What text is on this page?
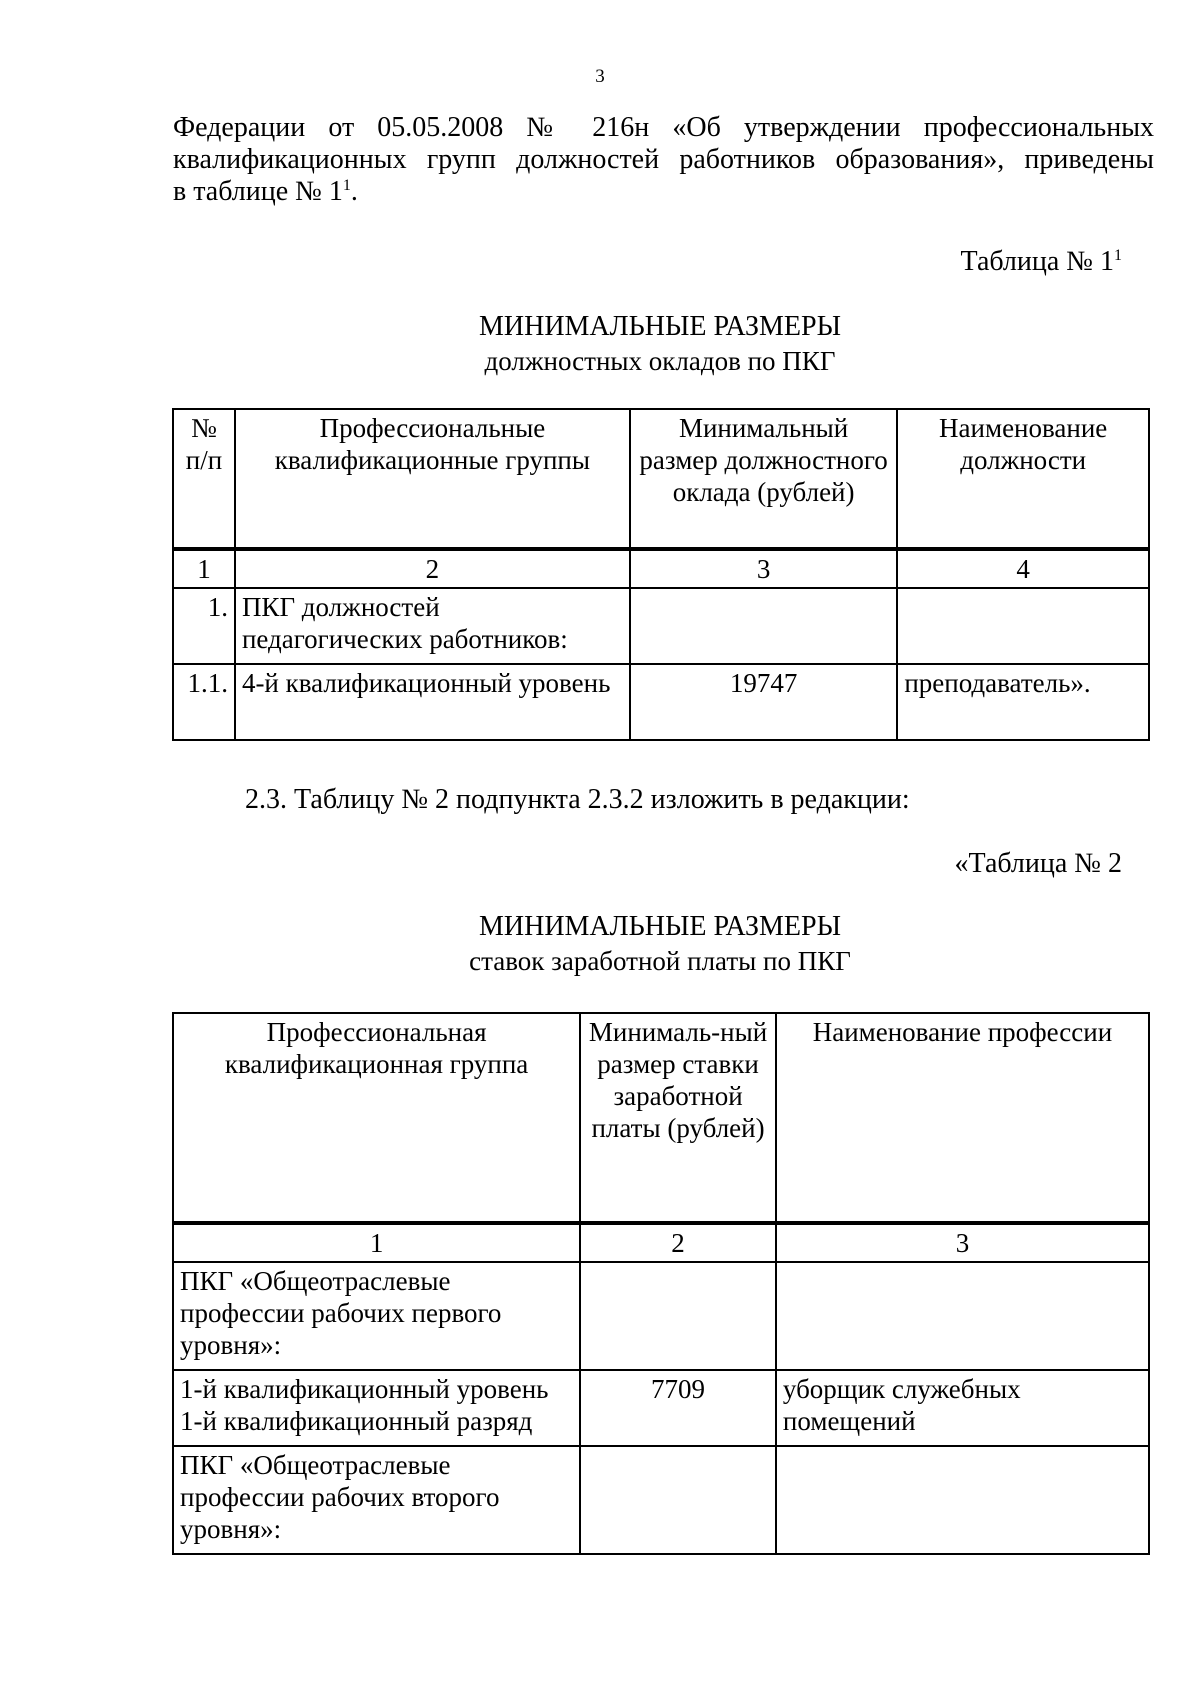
3
Федерации от 05.05.2008 № 216н «Об утверждении профессиональных
квалификационных групп должностей работников образования», приведены
в таблице № $1^1$.
Таблица № $1^1$
МИНИМАЛЬНЫЕ РАЗМЕРЫ
должностных окладов по ПКГ
№ п/п	Профессиональные квалификационные группы	Минимальный размер должностного оклада (рублей)	Наименование должности
1	2	3	4
1.	ПКГ должностей педагогических работников:		
1.1.	4-й квалификационный уровень	19747	преподаватель».
2.3. Таблицу № 2 подпункта 2.3.2 изложить в редакции:
«Таблица № 2
МИНИМАЛЬНЫЕ РАЗМЕРЫ
ставок заработной платы по ПКГ
Профессиональная квалификационная группа	Минималь-ный размер ставки заработной платы (рублей)	Наименование профессии
1	2	3
ПКГ «Общеотраслевые профессии рабочих первого уровня»:		
1-й квалификационный уровень 1-й квалификационный разряд	7709	уборщик служебных помещений
ПКГ «Общеотраслевые профессии рабочих второго уровня»:		
